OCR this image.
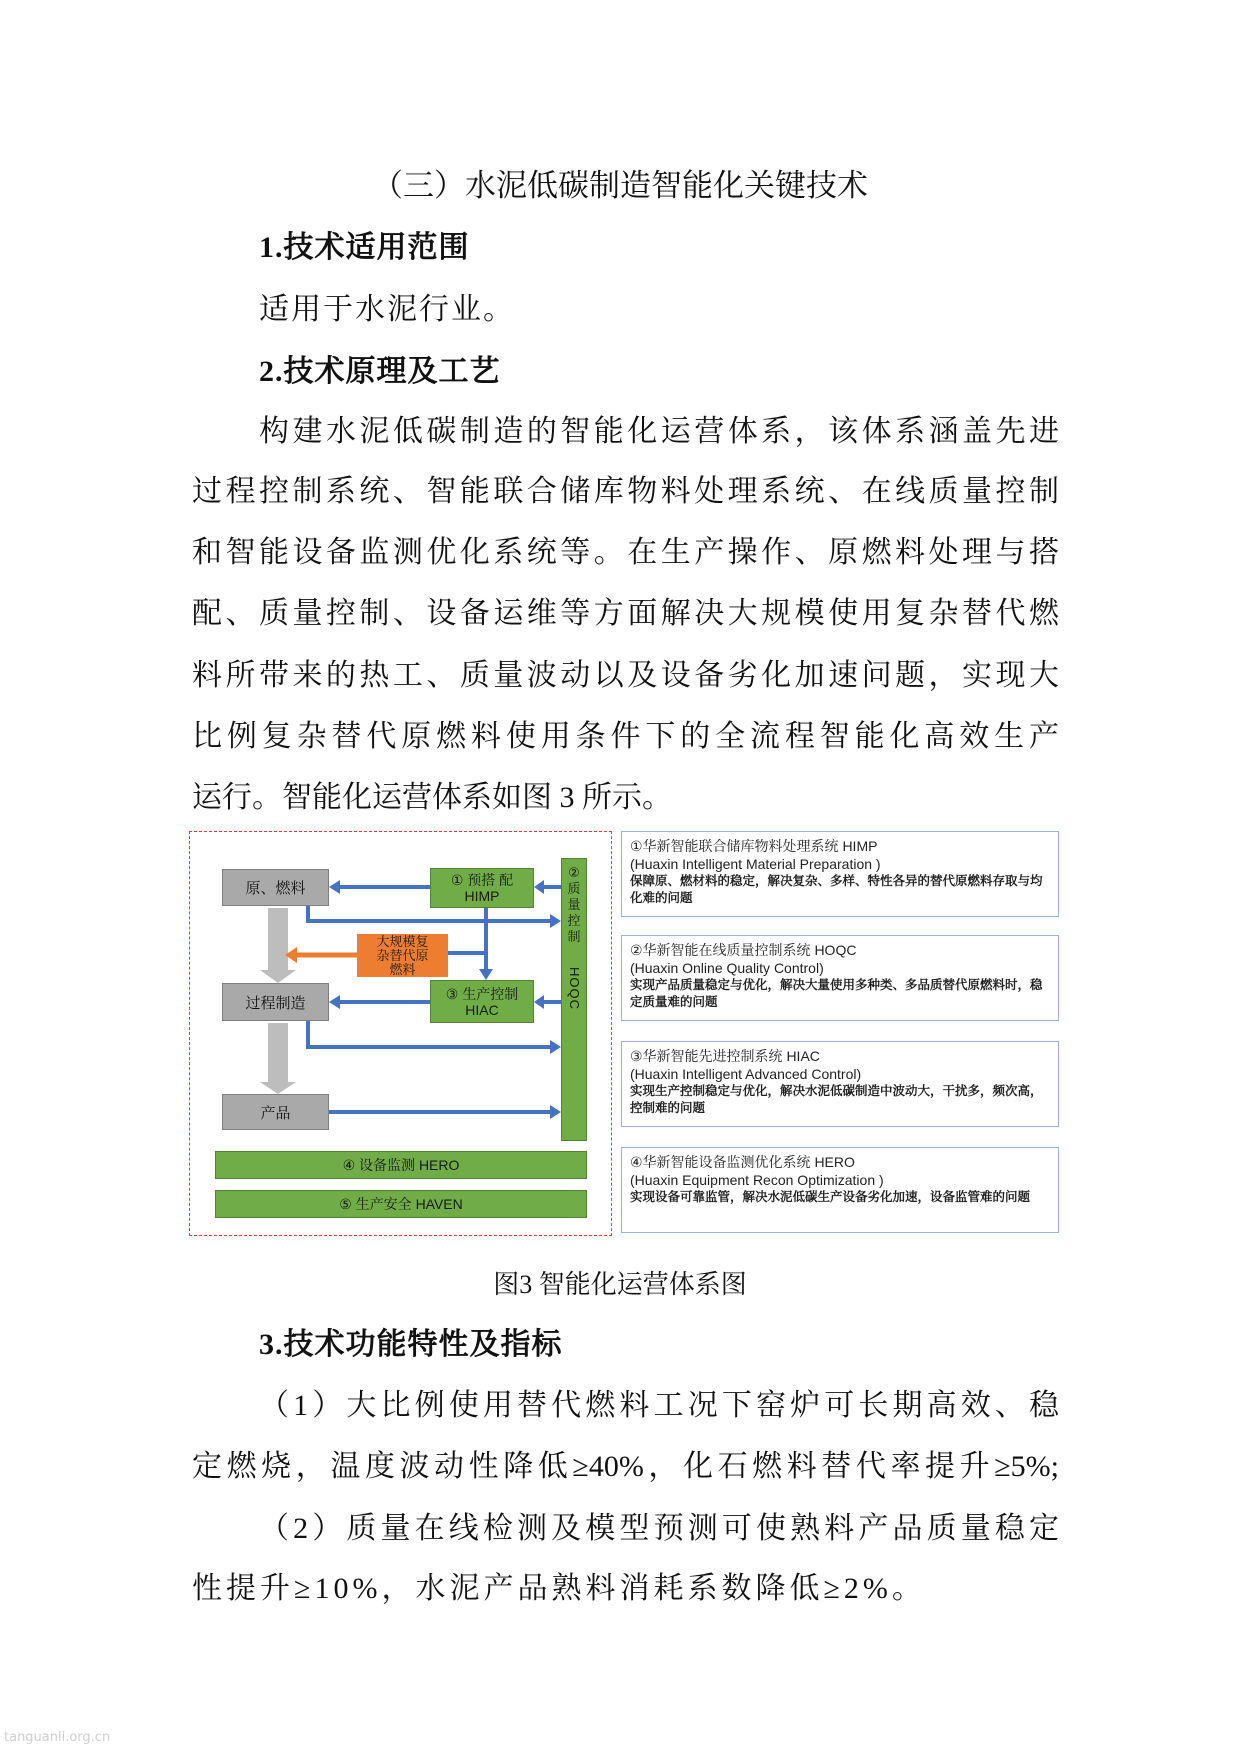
（三）水泥低碳制造智能化关键技术
1.技术适用范围
适用于水泥行业。
2.技术原理及工艺
构建水泥低碳制造的智能化运营体系，该体系涵盖先进
过程控制系统、智能联合储库物料处理系统、在线质量控制
和智能设备监测优化系统等。在生产操作、原燃料处理与搭
配、质量控制、设备运维等方面解决大规模使用复杂替代燃
料所带来的热工、质量波动以及设备劣化加速问题，实现大
比例复杂替代原燃料使用条件下的全流程智能化高效生产
运行。智能化运营体系如图 3 所示。
原、燃料	① 预搭 配
HIMP
大规模复
杂替代原
燃料
过程制造
③ 生产控制
HIAC
产品
②
质
量
控
制
HOQC
④ 设备监测 HERO
⑤ 生产安全 HAVEN
①华新智能联合储库物料处理系统 HIMP
(Huaxin Intelligent Material Preparation )
保障原、燃材料的稳定，解决复杂、多样、特性各异的替代原燃料存取与均化难的问题
②华新智能在线质量控制系统 HOQC
(Huaxin Online Quality Control)
实现产品质量稳定与优化，解决大量使用多种类、多品质替代原燃料时，稳定质量难的问题
③华新智能先进控制系统 HIAC
(Huaxin Intelligent Advanced Control)
实现生产控制稳定与优化，解决水泥低碳制造中波动大，干扰多，频次高，控制难的问题
④华新智能设备监测优化系统 HERO
(Huaxin Equipment Recon Optimization )
实现设备可靠监管，解决水泥低碳生产设备劣化加速，设备监管难的问题
图3 智能化运营体系图
3.技术功能特性及指标
（1）大比例使用替代燃料工况下窑炉可长期高效、稳
定燃烧，温度波动性降低≥40%，化石燃料替代率提升≥5%;
（2）质量在线检测及模型预测可使熟料产品质量稳定
性提升≥10%，水泥产品熟料消耗系数降低≥2%。
tanguanli.org.cn
